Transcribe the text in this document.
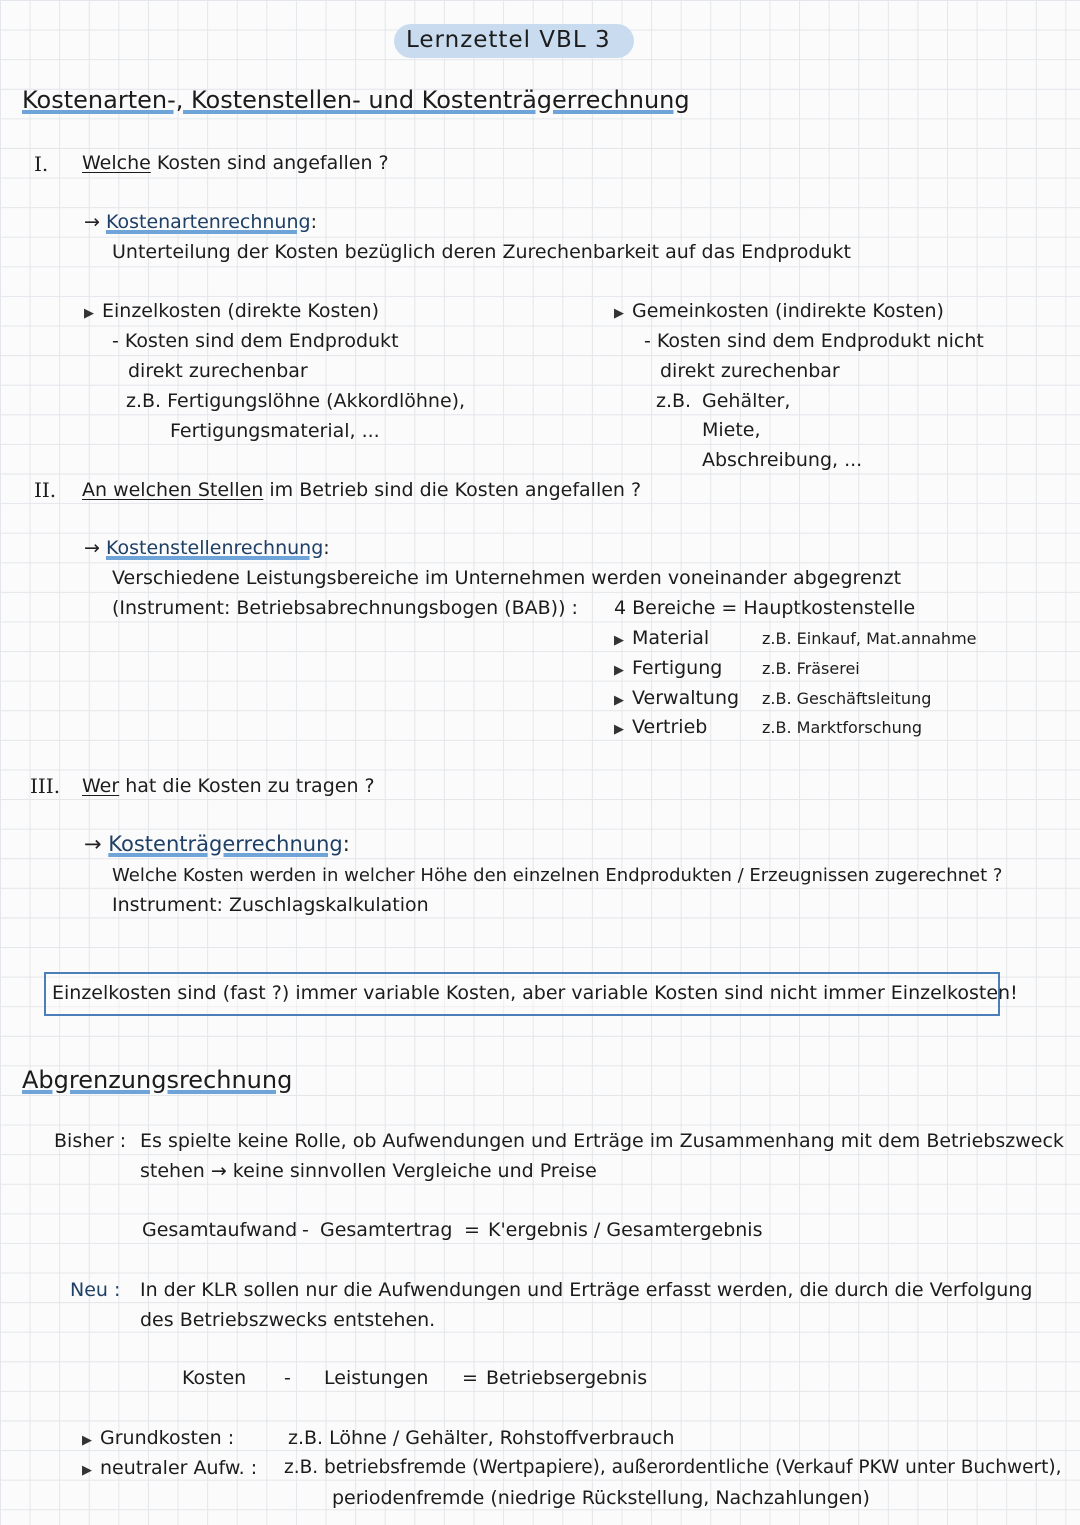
Lernzettel VBL 3
Kostenarten-, Kostenstellen- und Kostenträgerrechnung
I. Welche Kosten sind angefallen ?
→ Kostenartenrechnung:
Unterteilung der Kosten bezüglich deren Zurechenbarkeit auf das Endprodukt
▶ Einzelkosten (direkte Kosten)
- Kosten sind dem Endprodukt
direkt zurechenbar
z.B. Fertigungslöhne (Akkordlöhne),
Fertigungsmaterial, ...
▶ Gemeinkosten (indirekte Kosten)
- Kosten sind dem Endprodukt nicht
direkt zurechenbar
z.B. Gehälter,
Miete,
Abschreibung, ...
II. An welchen Stellen im Betrieb sind die Kosten angefallen ?
→ Kostenstellenrechnung:
Verschiedene Leistungsbereiche im Unternehmen werden voneinander abgegrenzt
(Instrument: Betriebsabrechnungsbogen (BAB)) : 4 Bereiche = Hauptkostenstelle
▶ Material	z.B. Einkauf, Mat.annahme
▶ Fertigung z.B. Fräserei
▶ Verwaltung z.B. Geschäftsleitung
▶ Vertrieb	z.B. Marktforschung
III. Wer hat die Kosten zu tragen ?
→ Kostenträgerrechnung:
Welche Kosten werden in welcher Höhe den einzelnen Endprodukten / Erzeugnissen zugerechnet ?
Instrument: Zuschlagskalkulation
Einzelkosten sind (fast ?) immer variable Kosten, aber variable Kosten sind nicht immer Einzelkosten!
Abgrenzungsrechnung
Bisher : Es spielte keine Rolle, ob Aufwendungen und Erträge im Zusammenhang mit dem Betriebszweck
stehen → keine sinnvollen Vergleiche und Preise
Gesamtaufwand - Gesamtertrag = K'ergebnis / Gesamtergebnis
Neu : In der KLR sollen nur die Aufwendungen und Erträge erfasst werden, die durch die Verfolgung
des Betriebszwecks entstehen.
Kosten - Leistungen = Betriebsergebnis
▶ Grundkosten :	z.B. Löhne / Gehälter, Rohstoffverbrauch
▶ neutraler Aufw. : z.B. betriebsfremde (Wertpapiere), außerordentliche (Verkauf PKW unter Buchwert),
periodenfremde (niedrige Rückstellung, Nachzahlungen)
